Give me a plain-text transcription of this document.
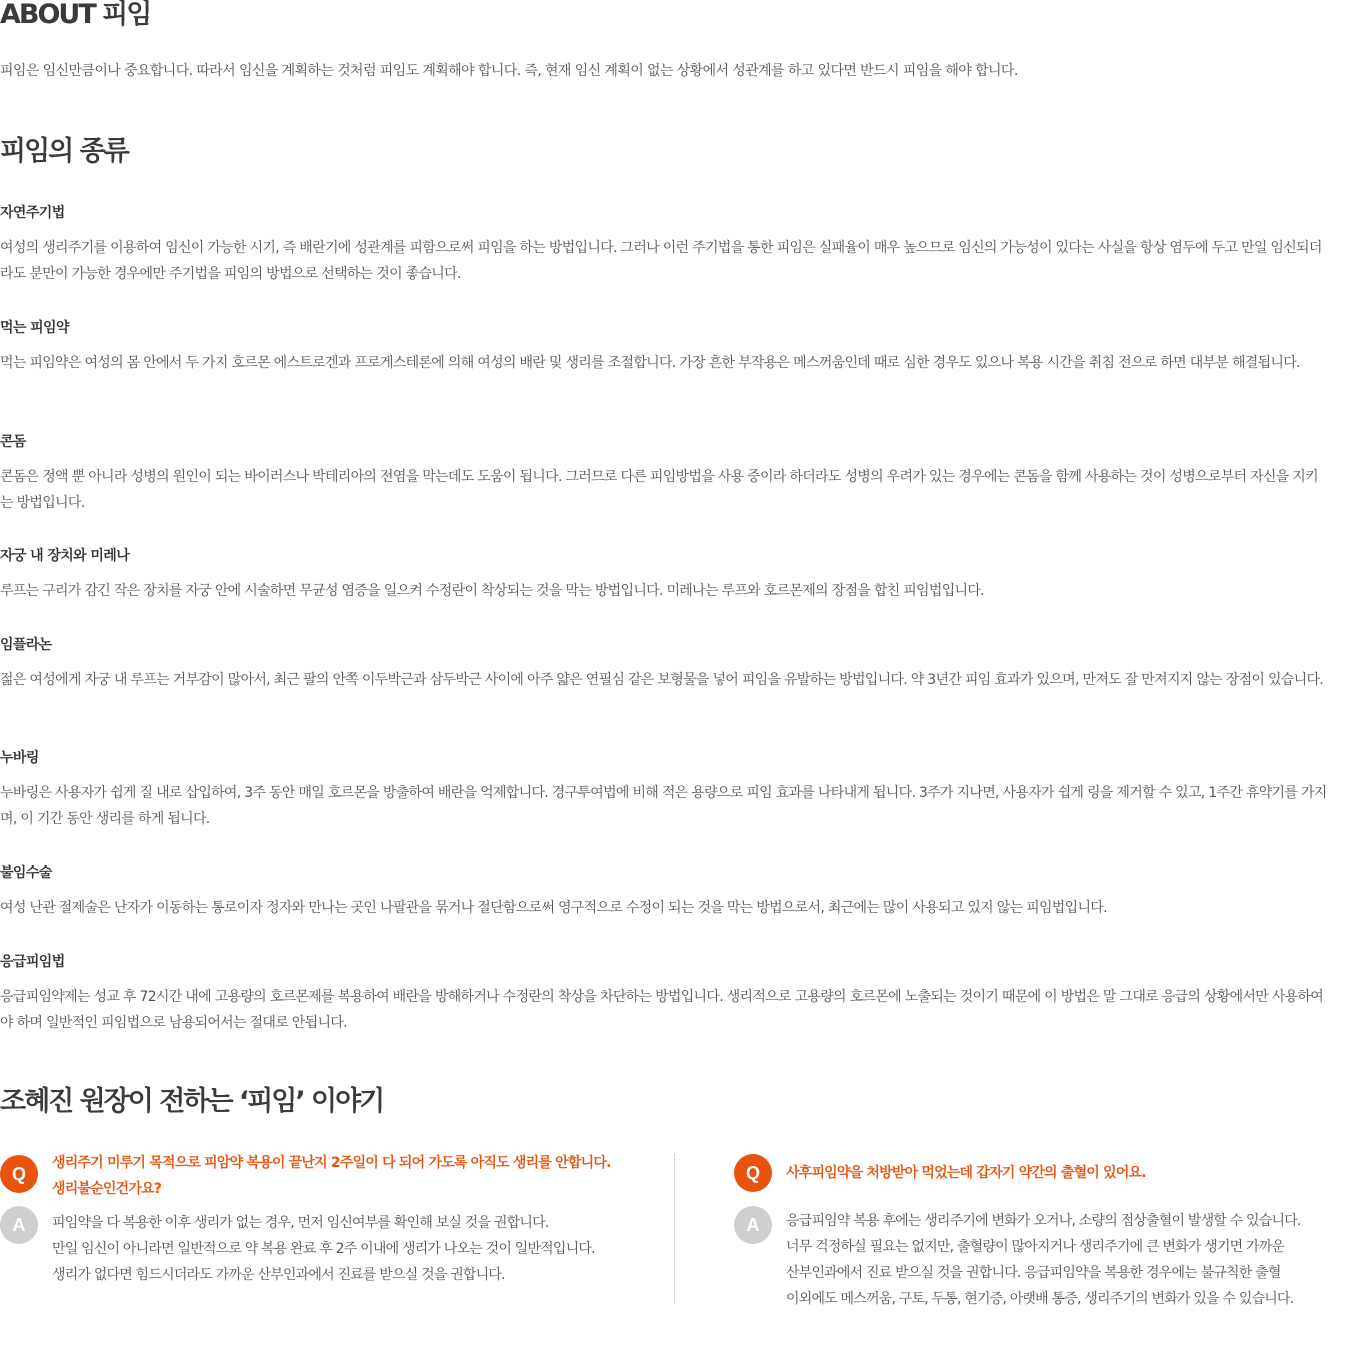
ABOUT 피임

피임은 임신만큼이나 중요합니다. 따라서 임신을 계획하는 것처럼 피임도 계획해야 합니다. 즉, 현재 임신 계획이 없는 상황에서 성관계를 하고 있다면 반드시 피임을 해야 합니다.

피임의 종류
자연주기법

여성의 생리주기를 이용하여 임신이 가능한 시기, 즉 배란기에 성관계를 피함으로써 피임을 하는 방법입니다. 그러나 이런 주기법을 통한 피임은 실패율이 매우 높으므로 임신의 가능성이 있다는 사실을 항상 염두에 두고 만일 임신되더라도 분만이 가능한 경우에만 주기법을 피임의 방법으로 선택하는 것이 좋습니다.

먹는 피임약

먹는 피임약은 여성의 몸 안에서 두 가지 호르몬 에스트로겐과 프로게스테론에 의해 여성의 배란 및 생리를 조절합니다. 가장 흔한 부작용은 메스꺼움인데 때로 심한 경우도 있으나 복용 시간을 취침 전으로 하면 대부분 해결됩니다.

콘돔

콘돔은 정액 뿐 아니라 성병의 원인이 되는 바이러스나 박테리아의 전염을 막는데도 도움이 됩니다. 그러므로 다른 피임방법을 사용 중이라 하더라도 성병의 우려가 있는 경우에는 콘돔을 함께 사용하는 것이 성병으로부터 자신을 지키는 방법입니다.

자궁 내 장치와 미레나

루프는 구리가 감긴 작은 장치를 자궁 안에 시술하면 무균성 염증을 일으켜 수정란이 착상되는 것을 막는 방법입니다. 미레나는 루프와 호르몬제의 장점을 합친 피임법입니다.

임플라논

젊은 여성에게 자궁 내 루프는 거부감이 많아서, 최근 팔의 안쪽 이두박근과 삼두박근 사이에 아주 얇은 연필심 같은 보형물을 넣어 피임을 유발하는 방법입니다. 약 3년간 피임 효과가 있으며, 만져도 잘 만져지지 않는 장점이 있습니다.

누바링

누바링은 사용자가 쉽게 질 내로 삽입하여, 3주 동안 매일 호르몬을 방출하여 배란을 억제합니다. 경구투여법에 비해 적은 용량으로 피임 효과를 나타내게 됩니다. 3주가 지나면, 사용자가 쉽게 링을 제거할 수 있고, 1주간 휴약기를 가지며, 이 기간 동안 생리를 하게 됩니다.

불임수술

여성 난관 절제술은 난자가 이동하는 통로이자 정자와 만나는 곳인 나팔관을 묶거나 절단함으로써 영구적으로 수정이 되는 것을 막는 방법으로서, 최근에는 많이 사용되고 있지 않는 피임법입니다.

응급피임법

응급피임약제는 성교 후 72시간 내에 고용량의 호르몬제를 복용하여 배란을 방해하거나 수정란의 착상을 차단하는 방법입니다. 생리적으로 고용량의 호르몬에 노출되는 것이기 때문에 이 방법은 말 그대로 응급의 상황에서만 사용하여야 하며 일반적인 피임법으로 남용되어서는 절대로 안됩니다.

조혜진 원장이 전하는 ‘피임’ 이야기
Q

생리주기 미루기 목적으로 피암약 복용이 끝난지 2주일이 다 되어 가도록 아직도 생리를 안합니다.
생리불순인건가요?

A	피임약을 다 복용한 이후 생리가 없는 경우, 먼저 임신여부를 확인해 보실 것을 권합니다.
만일 임신이 아니라면 일반적으로 약 복용 완료 후 2주 이내에 생리가 나오는 것이 일반적입니다.
생리가 없다면 힘드시더라도 가까운 산부인과에서 진료를 받으실 것을 권합니다.

Q	사후피임약을 처방받아 먹었는데 갑자기 약간의 출혈이 있어요.

A	응급피임약 복용 후에는 생리주기에 변화가 오거나, 소량의 점상출혈이 발생할 수 있습니다.
너무 걱정하실 필요는 없지만, 출혈량이 많아지거나 생리주기에 큰 변화가 생기면 가까운
산부인과에서 진료 받으실 것을 권합니다. 응급피임약을 복용한 경우에는 불규칙한 출혈
이외에도 메스꺼움, 구토, 두통, 현기증, 아랫배 통증, 생리주기의 변화가 있을 수 있습니다.
